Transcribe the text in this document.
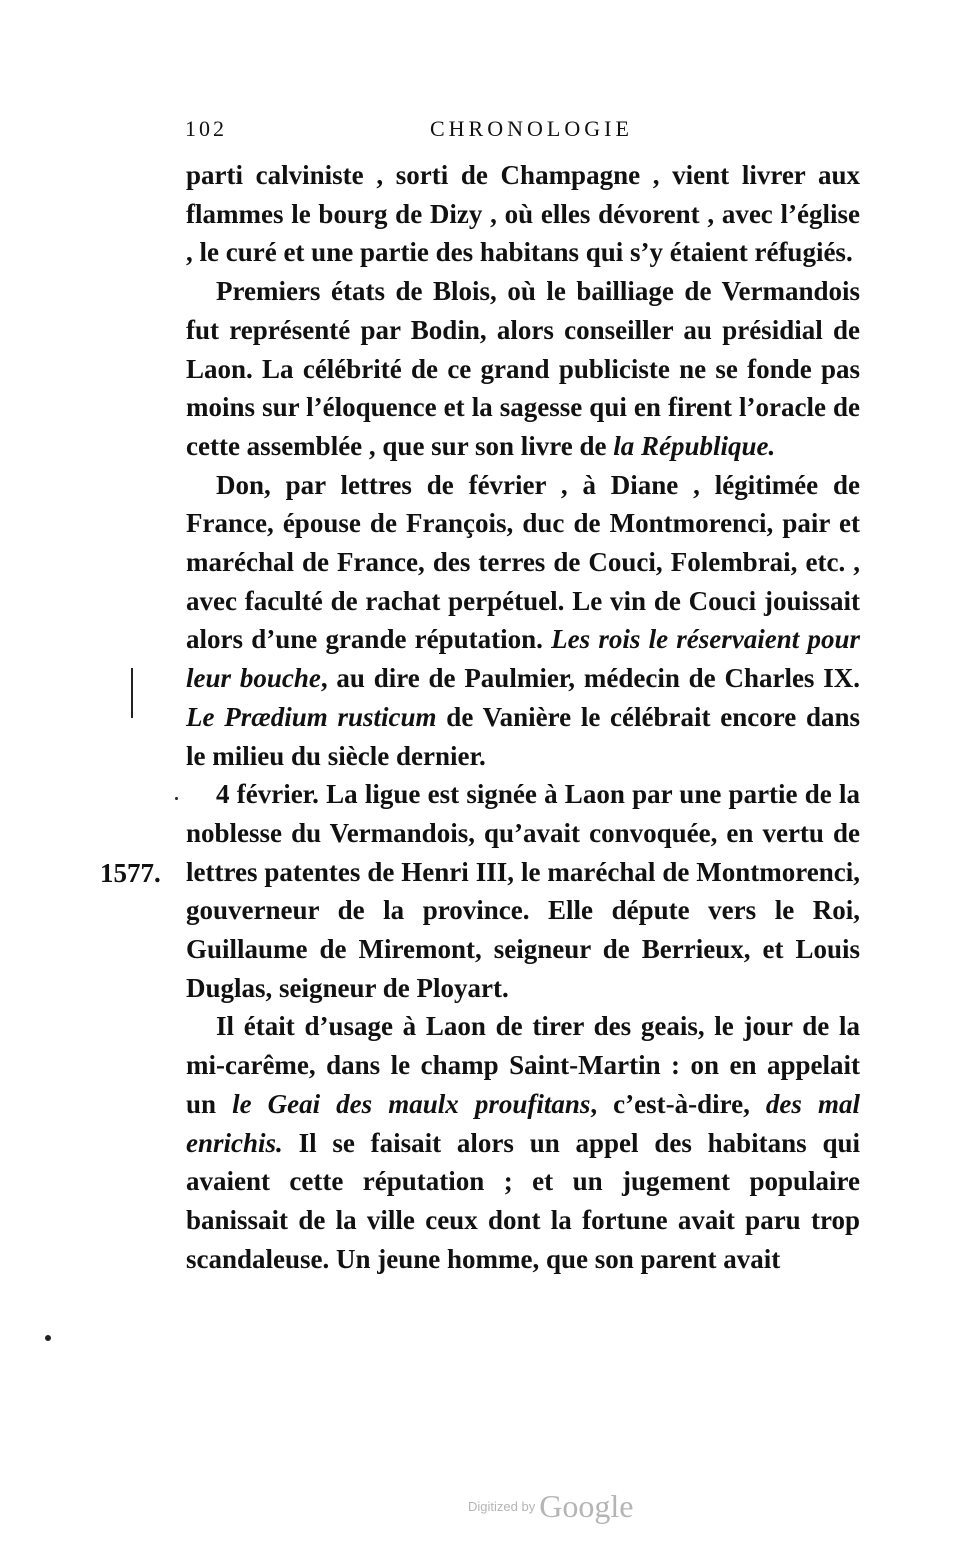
102	CHRONOLOGIE

parti calviniste , sorti de Champagne , vient livrer aux flammes le bourg de Dizy , où elles dévorent , avec l’église , le curé et une partie des habitans qui s’y étaient réfugiés.

Premiers états de Blois, où le bailliage de Vermandois fut représenté par Bodin, alors conseiller au présidial de Laon. La célébrité de ce grand publiciste ne se fonde pas moins sur l’éloquence et la sagesse qui en firent l’oracle de cette assemblée , que sur son livre de la République.

Don, par lettres de février , à Diane , légitimée de France, épouse de François, duc de Montmorenci, pair et maréchal de France, des terres de Couci, Folembrai, etc. , avec faculté de rachat perpétuel. Le vin de Couci jouissait alors d’une grande réputation. Les rois le réservaient pour leur bouche, au dire de Paulmier, médecin de Charles IX. Le Prædium rusticum de Vanière le célébrait encore dans le milieu du siècle dernier.

4 février. La ligue est signée à Laon par une partie de la noblesse du Vermandois, qu’avait convoquée, en vertu de lettres patentes de Henri III, le maréchal de Montmorenci, gouverneur de la province. Elle députe vers le Roi, Guillaume de Miremont, seigneur de Berrieux, et Louis Duglas, seigneur de Ployart.

Il était d’usage à Laon de tirer des geais, le jour de la mi-carême, dans le champ Saint-Martin : on en appelait un le Geai des maulx proufitans, c’est-à-dire, des mal enrichis. Il se faisait alors un appel des habitans qui avaient cette réputation ; et un jugement populaire banissait de la ville ceux dont la fortune avait paru trop scandaleuse. Un jeune homme, que son parent avait

1577.
Digitized by Google
